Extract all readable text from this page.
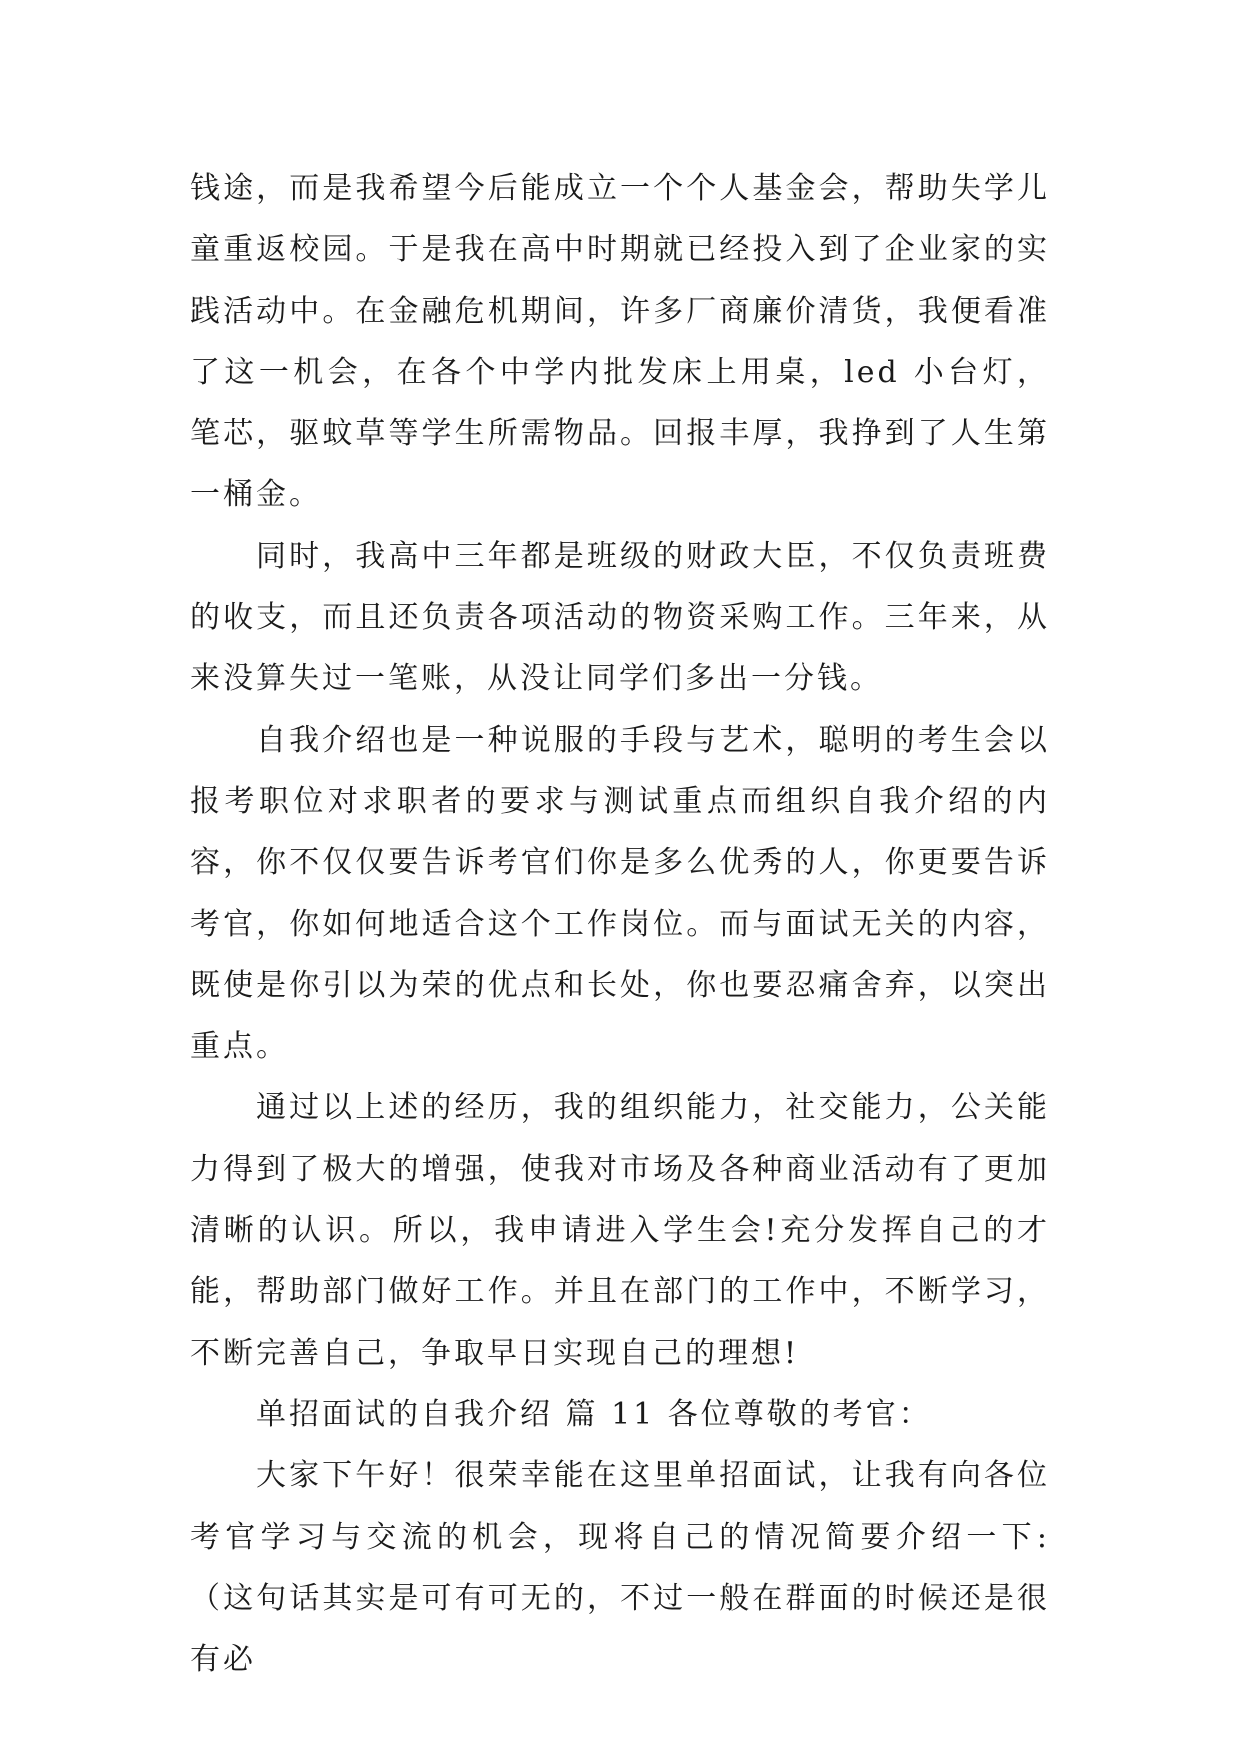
钱途，而是我希望今后能成立一个个人基金会，帮助失学儿童重返校园。于是我在高中时期就已经投入到了企业家的实践活动中。在金融危机期间，许多厂商廉价清货，我便看准了这一机会，在各个中学内批发床上用桌，led 小台灯，笔芯，驱蚊草等学生所需物品。回报丰厚，我挣到了人生第一桶金。

同时，我高中三年都是班级的财政大臣，不仅负责班费的收支，而且还负责各项活动的物资采购工作。三年来，从来没算失过一笔账，从没让同学们多出一分钱。

自我介绍也是一种说服的手段与艺术，聪明的考生会以报考职位对求职者的要求与测试重点而组织自我介绍的内容，你不仅仅要告诉考官们你是多么优秀的人，你更要告诉考官，你如何地适合这个工作岗位。而与面试无关的内容，既使是你引以为荣的优点和长处，你也要忍痛舍弃，以突出重点。

通过以上述的经历，我的组织能力，社交能力，公关能力得到了极大的增强，使我对市场及各种商业活动有了更加清晰的认识。所以，我申请进入学生会!充分发挥自己的才能，帮助部门做好工作。并且在部门的工作中，不断学习，不断完善自己，争取早日实现自己的理想!

单招面试的自我介绍 篇 11 各位尊敬的考官：

大家下午好！很荣幸能在这里单招面试，让我有向各位考官学习与交流的机会，现将自己的情况简要介绍一下:（这句话其实是可有可无的，不过一般在群面的时候还是很有必
